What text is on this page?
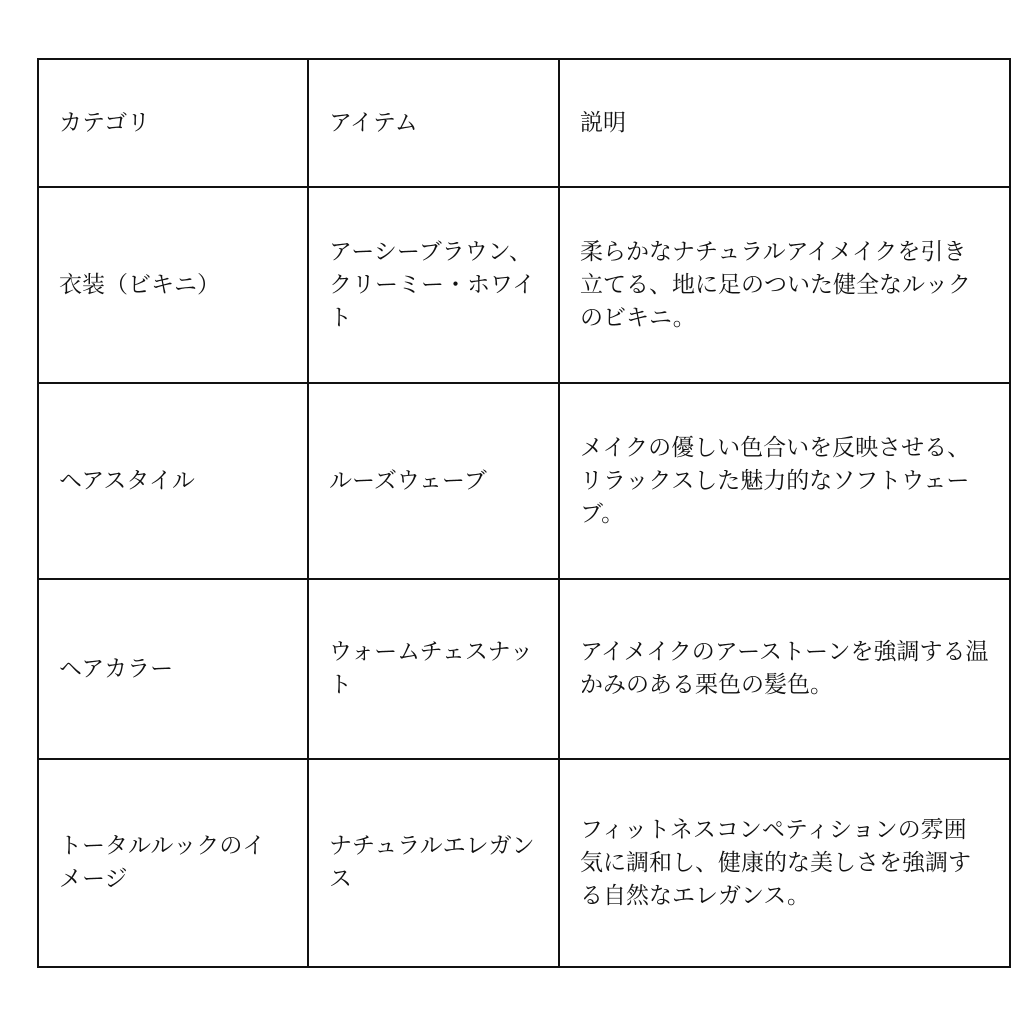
カテゴリ	アイテム	説明
衣装（ビキニ）	アーシーブラウン、クリーミー・ホワイト	柔らかなナチュラルアイメイクを引き立てる、地に足のついた健全なルックのビキニ。
ヘアスタイル	ルーズウェーブ	メイクの優しい色合いを反映させる、リラックスした魅力的なソフトウェーブ。
ヘアカラー	ウォームチェスナット	アイメイクのアーストーンを強調する温かみのある栗色の髪色。
トータルルックのイメージ	ナチュラルエレガンス	フィットネスコンペティションの雰囲気に調和し、健康的な美しさを強調する自然なエレガンス。
